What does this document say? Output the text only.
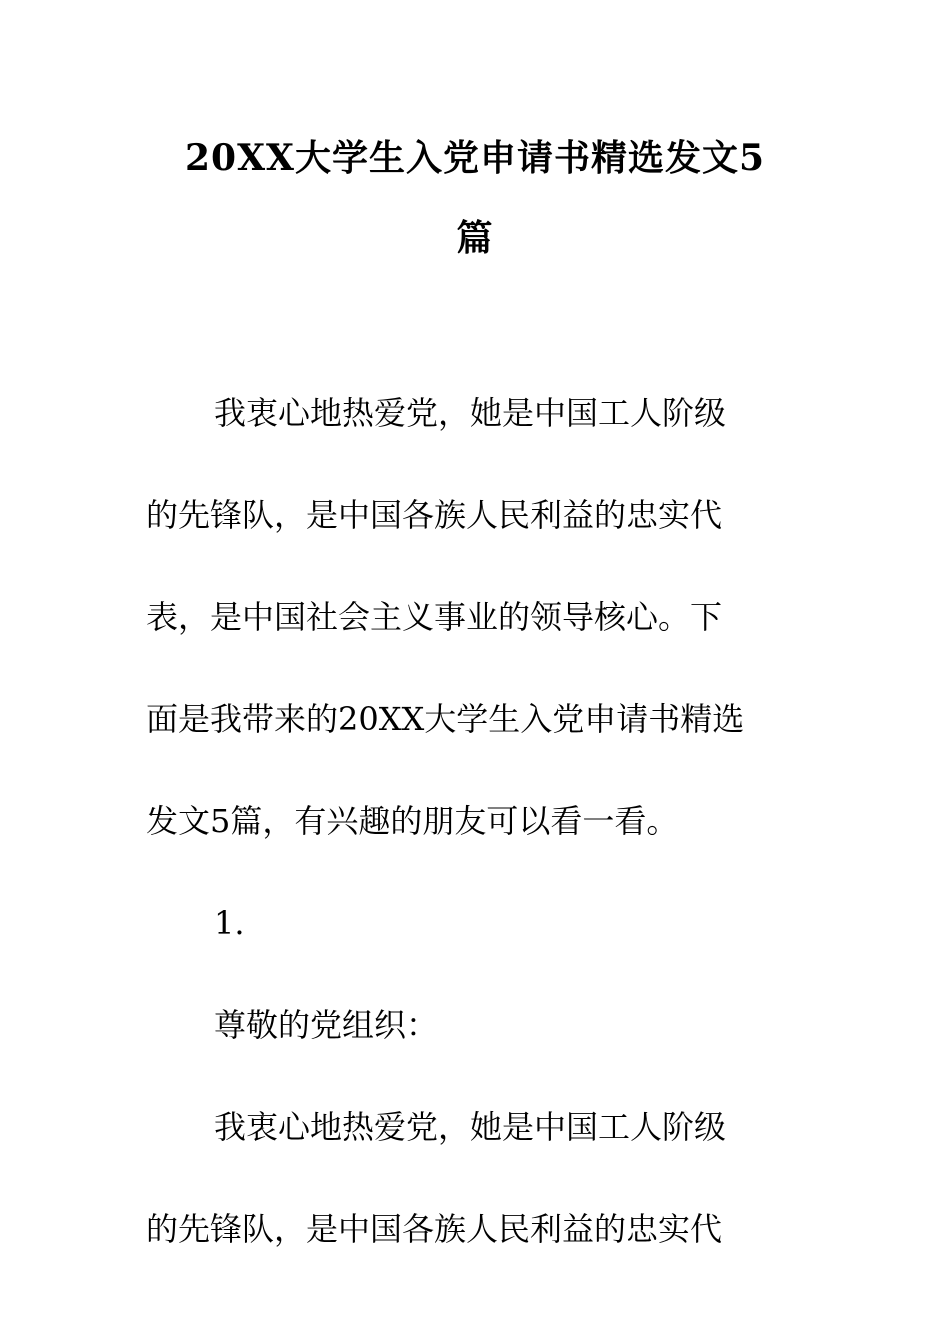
20XX大学生入党申请书精选发文5
篇
我衷心地热爱党，她是中国工人阶级
的先锋队，是中国各族人民利益的忠实代
表，是中国社会主义事业的领导核心。下
面是我带来的20XX大学生入党申请书精选
发文5篇，有兴趣的朋友可以看一看。
1.
尊敬的党组织：
我衷心地热爱党，她是中国工人阶级
的先锋队，是中国各族人民利益的忠实代
